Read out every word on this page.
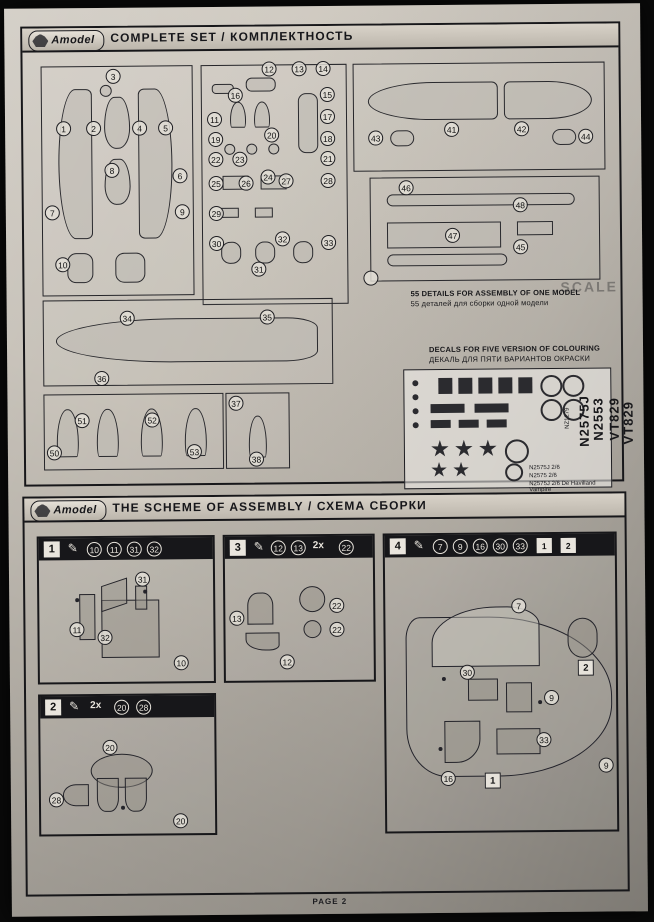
Amodel COMPLETE SET / КОМПЛЕКТНОСТЬ
1	2
3
4	5
6
7
8
9
10
11
12	13	14
15
16
17
18
19	20
21
22	23
24
25	26	27	28
29
30
31
32	33
41	42
43	44
46
47
48
45
55 DETAILS FOR ASSEMBLY OF ONE MODEL
55 деталей для сборки одной модели
DECALS FOR FIVE VERSION OF COLOURING
ДЕКАЛЬ ДЛЯ ПЯТИ ВАРИАНТОВ ОКРАСКИ
SCALE
34	35
36
50
51	52
53
37
38
N2553
N2575J
NZ1279	VT829
VT829
N2575J 2/6
N2575 2/6
N2575J 2/6 De Havilland Vampire
Amodel THE SCHEME OF ASSEMBLY / СХЕМА СБОРКИ
1	✎	10	11	31	32
31
32
11
10
2	✎ 2x	20	28
20
28
20
3	✎	12	13 2x	22
13
12
22
22
4	✎	7	9	16	30	33	1	2
7
2
30
9
33
16	1
9
PAGE 2
